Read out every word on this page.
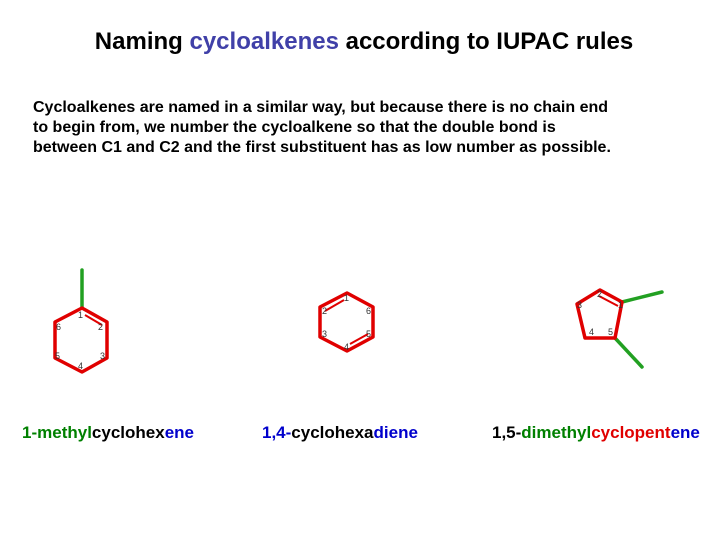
Naming cycloalkenes according to IUPAC rules
Cycloalkenes are named in a similar way, but because there is no chain end
to begin from, we number the cycloalkene so that the double bond is
between C1 and C2 and the first substituent has as low number as possible.
1
2
3
4
5
6
1
2
3
4
5
6
1
2
3
4 5
1-methylcyclohexene	1,4-cyclohexadiene	1,5-dimethylcyclopentene
